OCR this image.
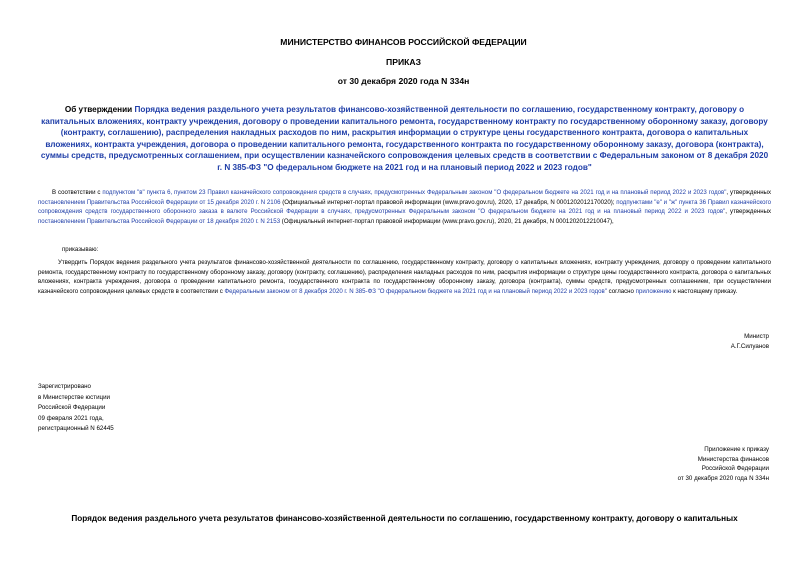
МИНИСТЕРСТВО ФИНАНСОВ РОССИЙСКОЙ ФЕДЕРАЦИИ
ПРИКАЗ
от 30 декабря 2020 года N 334н
Об утверждении Порядка ведения раздельного учета результатов финансово-хозяйственной деятельности по соглашению, государственному контракту, договору о капитальных вложениях, контракту учреждения, договору о проведении капитального ремонта, государственному контракту по государственному оборонному заказу, договору (контракту, соглашению), распределения накладных расходов по ним, раскрытия информации о структуре цены государственного контракта, договора о капитальных вложениях, контракта учреждения, договора о проведении капитального ремонта, государственного контракта по государственному оборонному заказу, договора (контракта), суммы средств, предусмотренных соглашением, при осуществлении казначейского сопровождения целевых средств в соответствии с Федеральным законом от 8 декабря 2020 г. N 385-ФЗ "О федеральном бюджете на 2021 год и на плановый период 2022 и 2023 годов"
В соответствии с подпунктом "в" пункта 6, пунктом 23 Правил казначейского сопровождения средств в случаях, предусмотренных Федеральным законом "О федеральном бюджете на 2021 год и на плановый период 2022 и 2023 годов", утвержденных постановлением Правительства Российской Федерации от 15 декабря 2020 г. N 2106 (Официальный интернет-портал правовой информации (www.pravo.gov.ru), 2020, 17 декабря, N 0001202012170020); подпунктами "е" и "ж" пункта 36 Правил казначейского сопровождения средств государственного оборонного заказа в валюте Российской Федерации в случаях, предусмотренных Федеральным законом "О федеральном бюджете на 2021 год и на плановый период 2022 и 2023 годов", утвержденных постановлением Правительства Российской Федерации от 18 декабря 2020 г. N 2153 (Официальный интернет-портал правовой информации (www.pravo.gov.ru), 2020, 21 декабря, N 0001202012210047),
приказываю:
Утвердить Порядок ведения раздельного учета результатов финансово-хозяйственной деятельности по соглашению, государственному контракту, договору о капитальных вложениях, контракту учреждения, договору о проведении капитального ремонта, государственному контракту по государственному оборонному заказу, договору (контракту, соглашению), распределения накладных расходов по ним, раскрытия информации о структуре цены государственного контракта, договора о капитальных вложениях, контракта учреждения, договора о проведении капитального ремонта, государственного контракта по государственному оборонному заказу, договора (контракта), суммы средств, предусмотренных соглашением, при осуществлении казначейского сопровождения целевых средств в соответствии с Федеральным законом от 8 декабря 2020 г. N 385-ФЗ "О федеральном бюджете на 2021 год и на плановый период 2022 и 2023 годов" согласно приложению к настоящему приказу.
Министр
А.Г.Силуанов
Зарегистрировано
в Министерстве юстиции
Российской Федерации
09 февраля 2021 года,
регистрационный N 62445
Приложение к приказу
Министерства финансов
Российской Федерации
от 30 декабря 2020 года N 334н
Порядок ведения раздельного учета результатов финансово-хозяйственной деятельности по соглашению, государственному контракту, договору о капитальных
